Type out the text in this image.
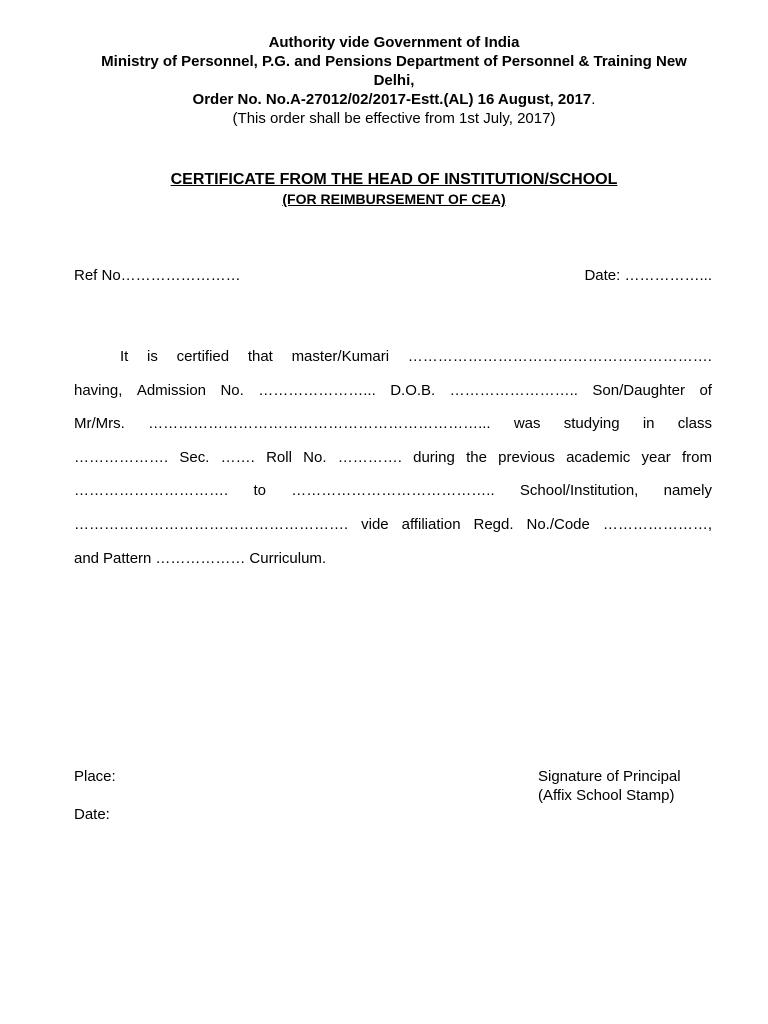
Authority vide Government of India
Ministry of Personnel, P.G. and Pensions Department of Personnel & Training New
Delhi,
Order No. No.A-27012/02/2017-Estt.(AL) 16 August, 2017.
(This order shall be effective from 1st July, 2017)
CERTIFICATE FROM THE HEAD OF INSTITUTION/SCHOOL
(FOR REIMBURSEMENT OF CEA)
Ref No……………………	Date: ……………...
It is certified that master/Kumari …………………………………………………….
having, Admission No. …………………... D.O.B. …………………….. Son/Daughter of
Mr/Mrs. …………………………………………………………... was studying in class
………………. Sec. ……. Roll No. …………. during the previous academic year from
…………………………. to ………………………………….. School/Institution, namely
………………………………………………. vide affiliation Regd. No./Code …………………,
and Pattern ……………… Curriculum.
Place:
Date:
Signature of Principal
(Affix School Stamp)
